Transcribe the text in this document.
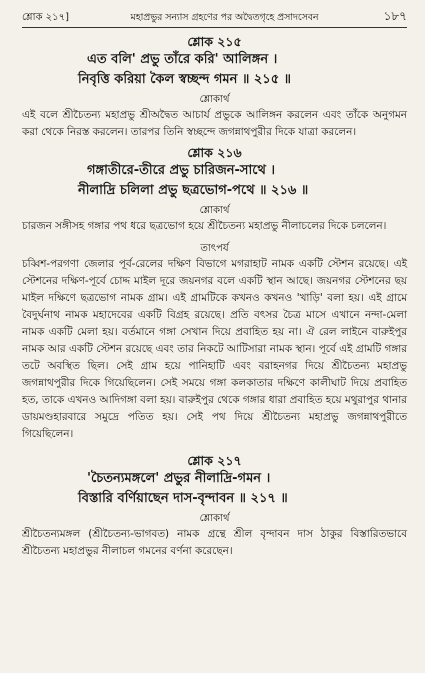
শ্লোক ২১৭]	মহাপ্রভুর সন্যাস গ্রহণের পর অদ্বৈতগৃহে প্রসাদসেবন	১৮৭
শ্লোক ২১৫
এত বলি' প্রভু তাঁরে করি' আলিঙ্গন ।
নিবৃত্তি করিয়া কৈল স্বচ্ছন্দ গমন ॥ ২১৫ ॥
শ্লোকার্থ
এই বলে শ্রীচৈতন্য মহাপ্রভু শ্রীঅদ্বৈত আচার্য প্রভুকে আলিঙ্গন করলেন এবং তাঁকে অনুগমন করা থেকে নিরস্ত করলেন। তারপর তিনি স্বচ্ছন্দে জগন্নাথপুরীর দিকে যাত্রা করলেন।
শ্লোক ২১৬
গঙ্গাতীরে-তীরে প্রভু চারিজন-সাথে ।
নীলাদ্রি চলিলা প্রভু ছত্রভোগ-পথে ॥ ২১৬ ॥
শ্লোকার্থ
চারজন সঙ্গীসহ গঙ্গার পথ ধরে ছত্রভোগ হয়ে শ্রীচৈতন্য মহাপ্রভু নীলাচলের দিকে চললেন।
তাৎপর্য
চব্বিশ-পরগণা জেলার পূর্ব-রেলের দক্ষিণ বিভাগে মগরাহাট নামক একটি স্টেশন রয়েছে। এই স্টেশনের দক্ষিণ-পূর্বে চোদ্দ মাইল দূরে জয়নগর বলে একটি স্থান আছে। জয়নগর স্টেশনের ছয় মাইল দক্ষিণে ছত্রভোগ নামক গ্রাম। এই গ্রামটিকে কখনও কখনও 'খাড়ি' বলা হয়। এই গ্রামে বৈদুর্ঘনাথ নামক মহাদেবের একটি বিগ্রহ রয়েছে। প্রতি বৎসর চৈত্র মাসে এখানে নন্দা-মেলা নামক একটি মেলা হয়। বর্তমানে গঙ্গা সেখান দিয়ে প্রবাহিত হয় না। ঐ রেল লাইনে বারুইপুর নামক আর একটি স্টেশন রয়েছে এবং তার নিকটে আটিসারা নামক স্থান। পূর্বে এই গ্রামটি গঙ্গার তটে অবস্থিত ছিল। সেই গ্রাম হয়ে পানিহাটি এবং বরাহনগর দিয়ে শ্রীচৈতন্য মহাপ্রভু জগন্নাথপুরীর দিকে গিয়েছিলেন। সেই সময়ে গঙ্গা কলকাতার দক্ষিণে কালীঘাট দিয়ে প্রবাহিত হত, তাকে এখনও আদিগঙ্গা বলা হয়। বারুইপুর থেকে গঙ্গার ধারা প্রবাহিত হয়ে মথুরাপুর থানার ডায়মণ্ডহারবারে সমুদ্রে পতিত হয়। সেই পথ দিয়ে শ্রীচৈতন্য মহাপ্রভু জগন্নাথপুরীতে গিয়েছিলেন।
শ্লোক ২১৭
'চৈতন্যমঙ্গলে' প্রভুর নীলাদ্রি-গমন ।
বিস্তারি বর্ণিয়াছেন দাস-বৃন্দাবন ॥ ২১৭ ॥
শ্লোকার্থ
শ্রীচৈতন্যমঙ্গল (শ্রীচৈতন্য-ভাগবত) নামক গ্রন্থে শ্রীল বৃন্দাবন দাস ঠাকুর বিস্তারিতভাবে শ্রীচৈতন্য মহাপ্রভুর নীলাচল গমনের বর্ণনা করেছেন।
